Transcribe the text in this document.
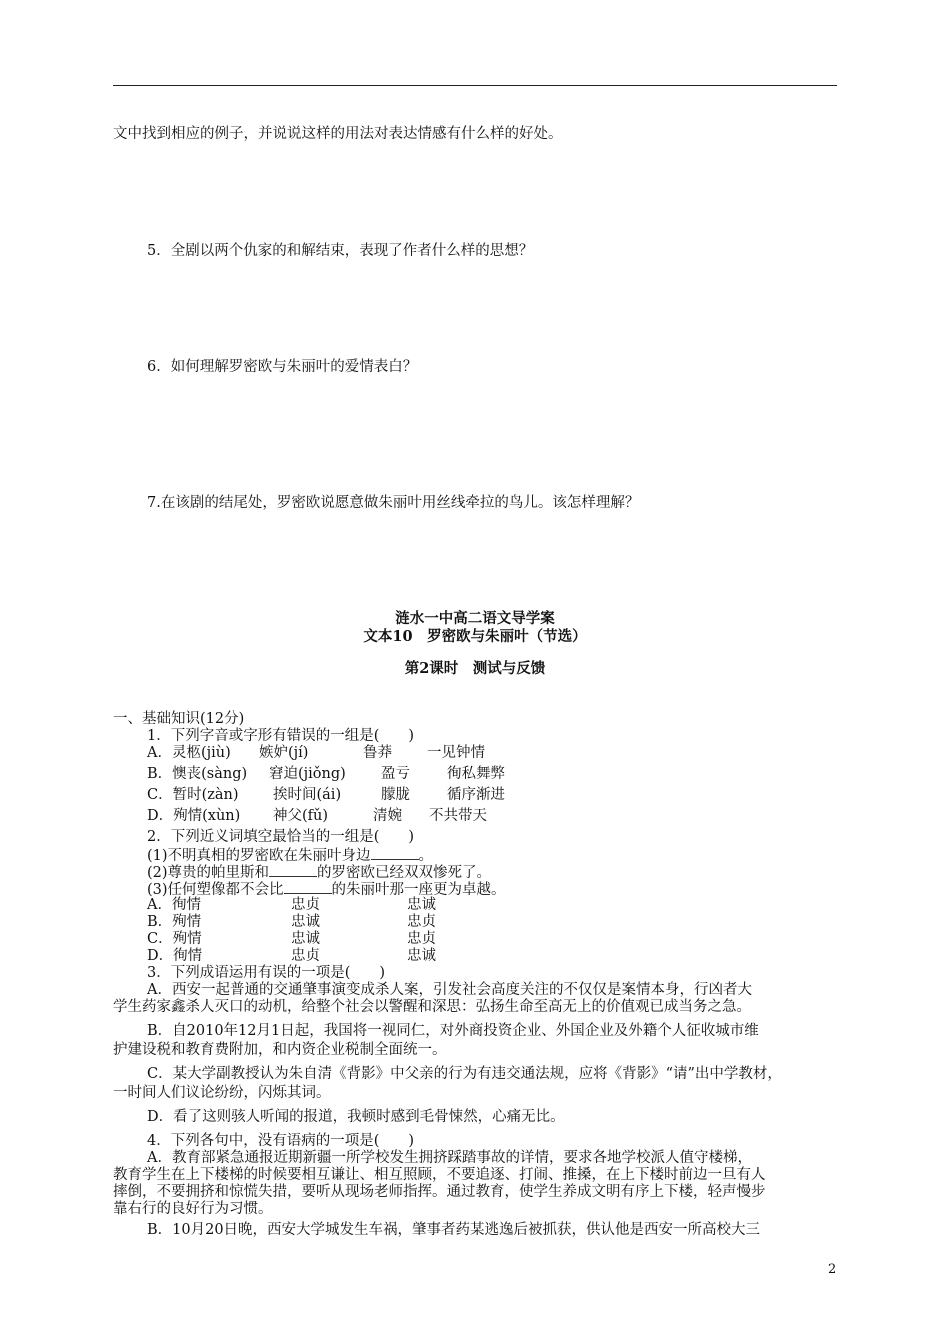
文中找到相应的例子，并说说这样的用法对表达情感有什么样的好处。
5．全剧以两个仇家的和解结束，表现了作者什么样的思想？
6．如何理解罗密欧与朱丽叶的爱情表白？
7.在该剧的结尾处，罗密欧说愿意做朱丽叶用丝线牵拉的鸟儿。该怎样理解？
涟水一中高二语文导学案
文本10　罗密欧与朱丽叶（节选）
第2课时　测试与反馈
一、基础知识(12分)
1．下列字音或字形有错误的一组是(　　)
A．灵柩(jiù) 嫉妒(jí)	鲁莽 一见钟情
B．懊丧(sàng) 窘迫(jiǒng) 盈亏	徇私舞弊
C．暂时(zàn) 挨时间(ái)	朦胧	循序渐进
D．殉情(xùn) 神父(fǔ)	清婉 不共带天
2．下列近义词填空最恰当的一组是(　　)
(1)不明真相的罗密欧在朱丽叶身边	。
(2)尊贵的帕里斯和	的罗密欧已经双双惨死了。
(3)任何塑像都不会比	的朱丽叶那一座更为卓越。
A．徇情	忠贞	忠诚
B．殉情	忠诚	忠贞
C．殉情	忠诚	忠贞
D．徇情	忠贞	忠诚
3．下列成语运用有误的一项是(　　)
A．西安一起普通的交通肇事演变成杀人案，引发社会高度关注的不仅仅是案情本身，行凶者大
学生药家鑫杀人灭口的动机，给整个社会以警醒和深思：弘扬生命至高无上的价值观已成当务之急。
B．自2010年12月1日起，我国将一视同仁，对外商投资企业、外国企业及外籍个人征收城市维
护建设税和教育费附加，和内资企业税制全面统一。
C．某大学副教授认为朱自清《背影》中父亲的行为有违交通法规，应将《背影》“请”出中学教材，
一时间人们议论纷纷，闪烁其词。
D．看了这则骇人听闻的报道，我顿时感到毛骨悚然，心痛无比。
4．下列各句中，没有语病的一项是(　　)
A．教育部紧急通报近期新疆一所学校发生拥挤踩踏事故的详情，要求各地学校派人值守楼梯，
教育学生在上下楼梯的时候要相互谦让、相互照顾，不要追逐、打闹、推搡，在上下楼时前边一旦有人
摔倒，不要拥挤和惊慌失措，要听从现场老师指挥。通过教育，使学生养成文明有序上下楼，轻声慢步
靠右行的良好行为习惯。
B．10月20日晚，西安大学城发生车祸，肇事者药某逃逸后被抓获，供认他是西安一所高校大三
2
